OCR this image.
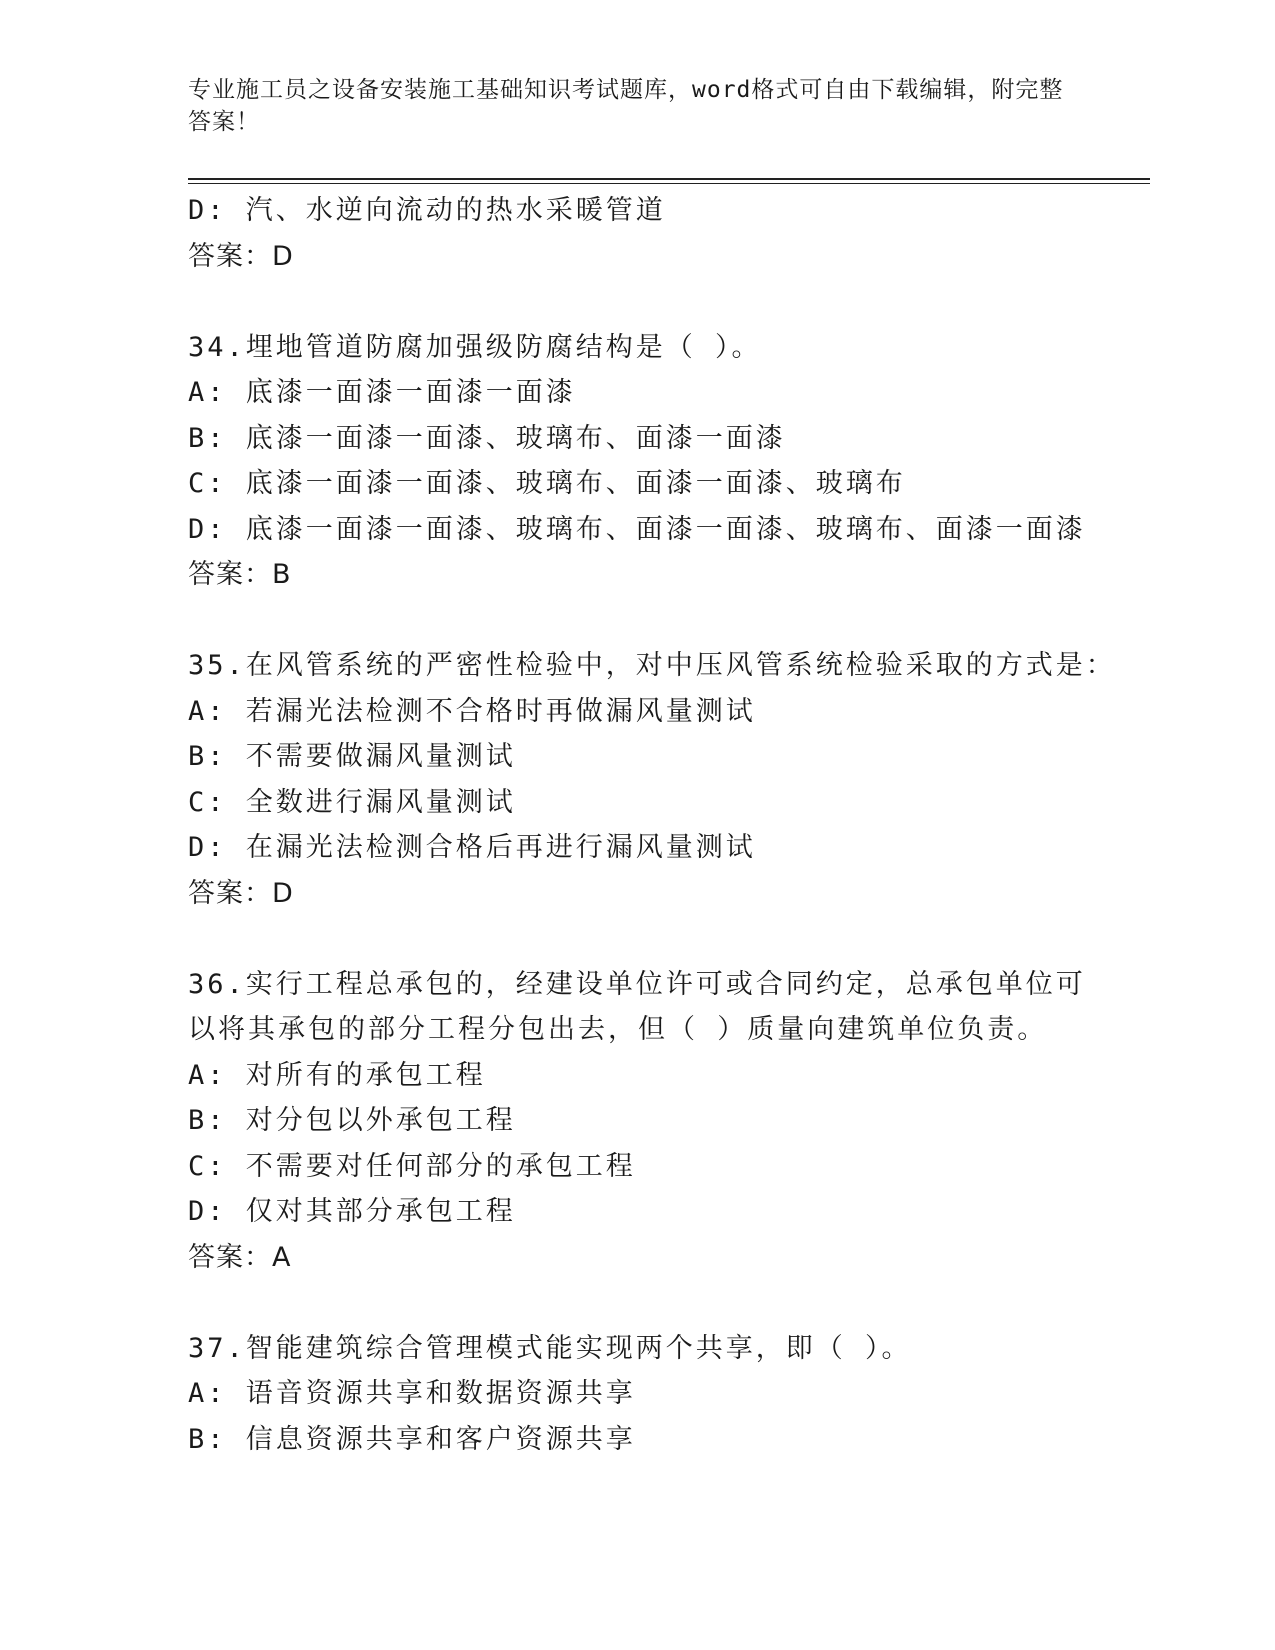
专业施工员之设备安装施工基础知识考试题库，word格式可自由下载编辑，附完整答案！
D: 汽、水逆向流动的热水采暖管道
答案：D
34.埋地管道防腐加强级防腐结构是（ ）。
A: 底漆一面漆一面漆一面漆
B: 底漆一面漆一面漆、玻璃布、面漆一面漆
C: 底漆一面漆一面漆、玻璃布、面漆一面漆、玻璃布
D: 底漆一面漆一面漆、玻璃布、面漆一面漆、玻璃布、面漆一面漆
答案：B
35.在风管系统的严密性检验中，对中压风管系统检验采取的方式是：
A: 若漏光法检测不合格时再做漏风量测试
B: 不需要做漏风量测试
C: 全数进行漏风量测试
D: 在漏光法检测合格后再进行漏风量测试
答案：D
36.实行工程总承包的，经建设单位许可或合同约定，总承包单位可以将其承包的部分工程分包出去，但（ ）质量向建筑单位负责。
A: 对所有的承包工程
B: 对分包以外承包工程
C: 不需要对任何部分的承包工程
D: 仅对其部分承包工程
答案：A
37.智能建筑综合管理模式能实现两个共享，即（ ）。
A: 语音资源共享和数据资源共享
B: 信息资源共享和客户资源共享
